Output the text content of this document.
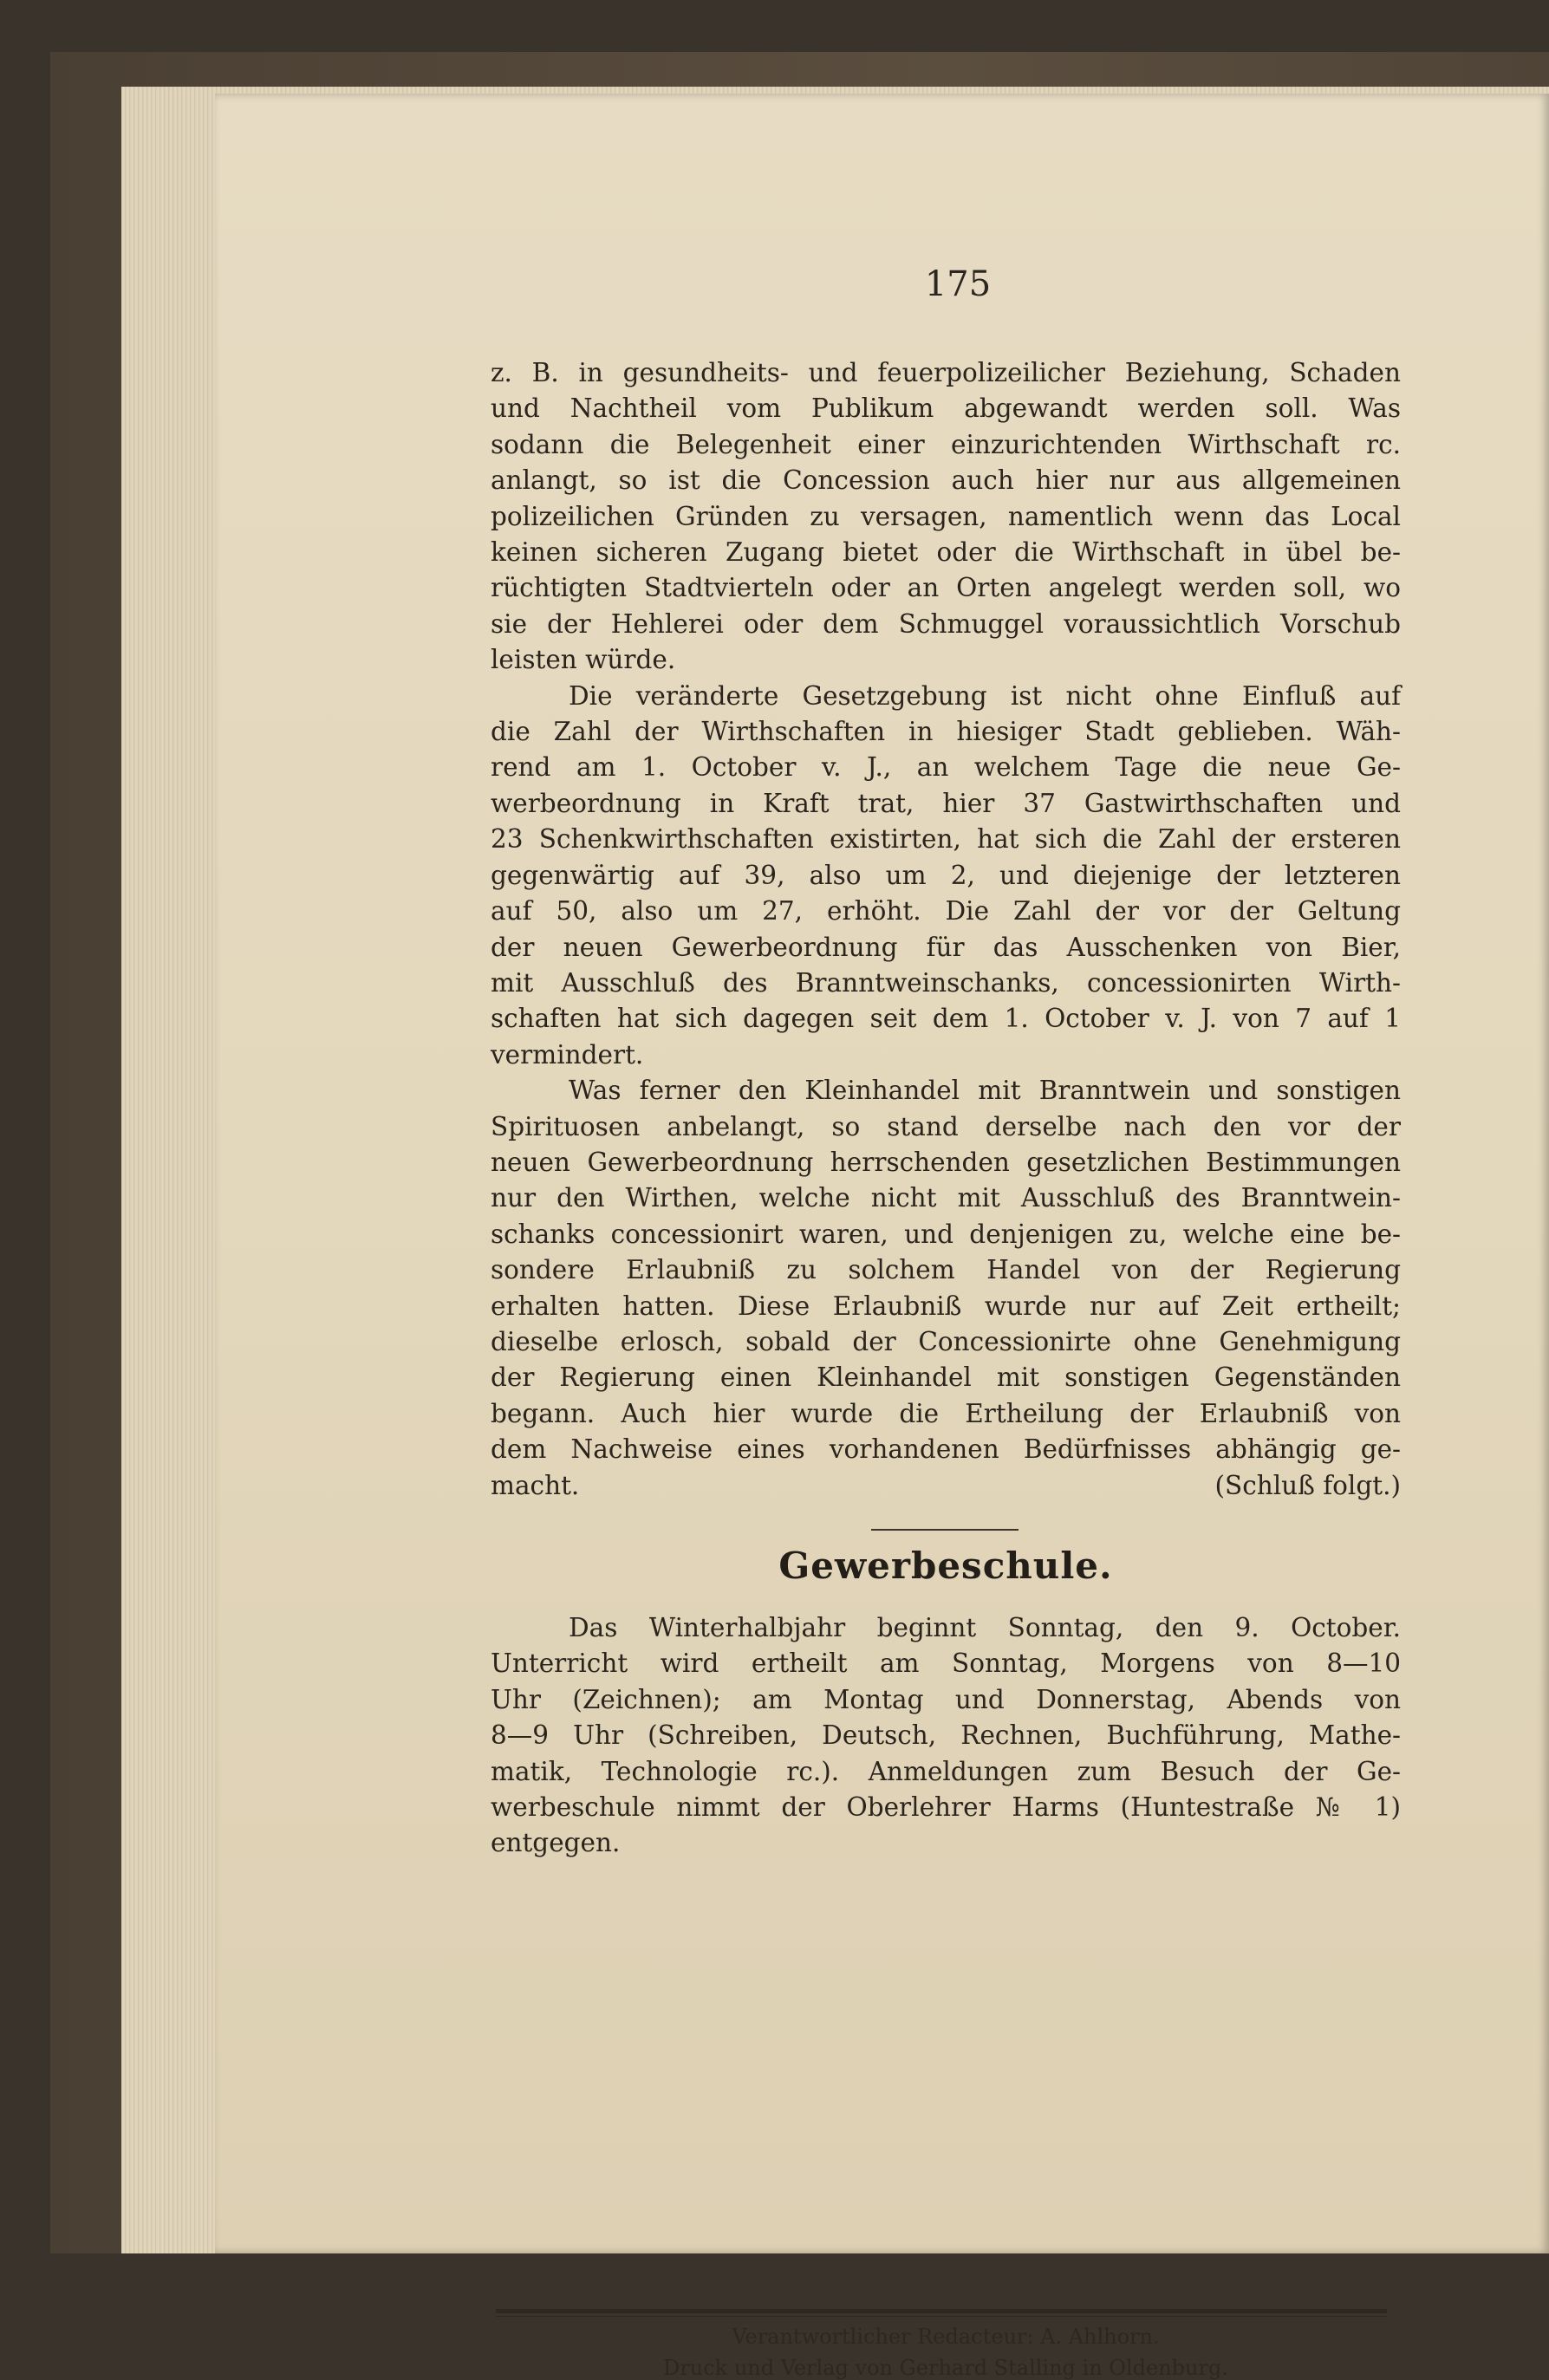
175
z. B. in gesundheits- und feuerpolizeilicher Beziehung, Schaden
und Nachtheil vom Publikum abgewandt werden soll. Was
sodann die Belegenheit einer einzurichtenden Wirthschaft rc.
anlangt, so ist die Concession auch hier nur aus allgemeinen
polizeilichen Gründen zu versagen, namentlich wenn das Local
keinen sicheren Zugang bietet oder die Wirthschaft in übel be-
rüchtigten Stadtvierteln oder an Orten angelegt werden soll, wo
sie der Hehlerei oder dem Schmuggel voraussichtlich Vorschub
leisten würde.
Die veränderte Gesetzgebung ist nicht ohne Einfluß auf
die Zahl der Wirthschaften in hiesiger Stadt geblieben. Wäh-
rend am 1. October v. J., an welchem Tage die neue Ge-
werbeordnung in Kraft trat, hier 37 Gastwirthschaften und
23 Schenkwirthschaften existirten, hat sich die Zahl der ersteren
gegenwärtig auf 39, also um 2, und diejenige der letzteren
auf 50, also um 27, erhöht. Die Zahl der vor der Geltung
der neuen Gewerbeordnung für das Ausschenken von Bier,
mit Ausschluß des Branntweinschanks, concessionirten Wirth-
schaften hat sich dagegen seit dem 1. October v. J. von 7 auf 1
vermindert.
Was ferner den Kleinhandel mit Branntwein und sonstigen
Spirituosen anbelangt, so stand derselbe nach den vor der
neuen Gewerbeordnung herrschenden gesetzlichen Bestimmungen
nur den Wirthen, welche nicht mit Ausschluß des Branntwein-
schanks concessionirt waren, und denjenigen zu, welche eine be-
sondere Erlaubniß zu solchem Handel von der Regierung
erhalten hatten. Diese Erlaubniß wurde nur auf Zeit ertheilt;
dieselbe erlosch, sobald der Concessionirte ohne Genehmigung
der Regierung einen Kleinhandel mit sonstigen Gegenständen
begann. Auch hier wurde die Ertheilung der Erlaubniß von
dem Nachweise eines vorhandenen Bedürfnisses abhängig ge-
macht.	(Schluß folgt.)
Gewerbeschule.
Das Winterhalbjahr beginnt Sonntag, den 9. October.
Unterricht wird ertheilt am Sonntag, Morgens von 8—10
Uhr (Zeichnen); am Montag und Donnerstag, Abends von
8—9 Uhr (Schreiben, Deutsch, Rechnen, Buchführung, Mathe-
matik, Technologie rc.). Anmeldungen zum Besuch der Ge-
werbeschule nimmt der Oberlehrer Harms (Huntestraße № 1)
entgegen.
Verantwortlicher Redacteur: A. Ahlhorn.
Druck und Verlag von Gerhard Stalling in Oldenburg.
